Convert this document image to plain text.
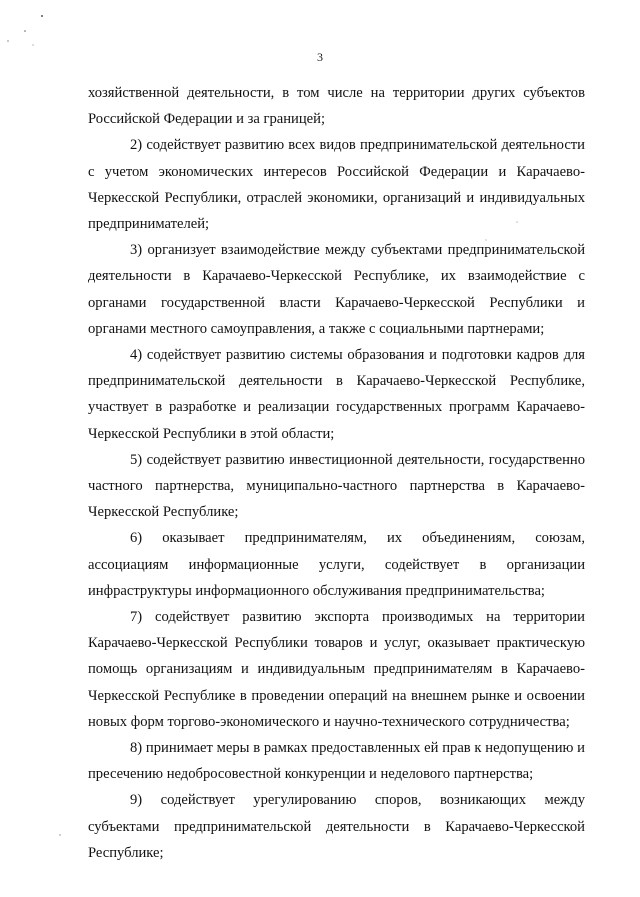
3

хозяйственной деятельности, в том числе на территории других субъектов Российской Федерации и за границей;

2) содействует развитию всех видов предпринимательской деятельности с учетом экономических интересов Российской Федерации и Карачаево-Черкесской Республики, отраслей экономики, организаций и индивидуальных предпринимателей;

3) организует взаимодействие между субъектами предпринимательской деятельности в Карачаево-Черкесской Республике, их взаимодействие с органами государственной власти Карачаево-Черкесской Республики и органами местного самоуправления, а также с социальными партнерами;

4) содействует развитию системы образования и подготовки кадров для предпринимательской деятельности в Карачаево-Черкесской Республике, участвует в разработке и реализации государственных программ Карачаево-Черкесской Республики в этой области;

5) содействует развитию инвестиционной деятельности, государственно частного партнерства, муниципально-частного партнерства в Карачаево-Черкесской Республике;

6) оказывает предпринимателям, их объединениям, союзам, ассоциациям информационные услуги, содействует в организации инфраструктуры информационного обслуживания предпринимательства;

7) содействует развитию экспорта производимых на территории Карачаево-Черкесской Республики товаров и услуг, оказывает практическую помощь организациям и индивидуальным предпринимателям в Карачаево-Черкесской Республике в проведении операций на внешнем рынке и освоении новых форм торгово-экономического и научно-технического сотрудничества;

8) принимает меры в рамках предоставленных ей прав к недопущению и пресечению недобросовестной конкуренции и неделового партнерства;

9) содействует урегулированию споров, возникающих между субъектами предпринимательской деятельности в Карачаево-Черкесской Республике;
